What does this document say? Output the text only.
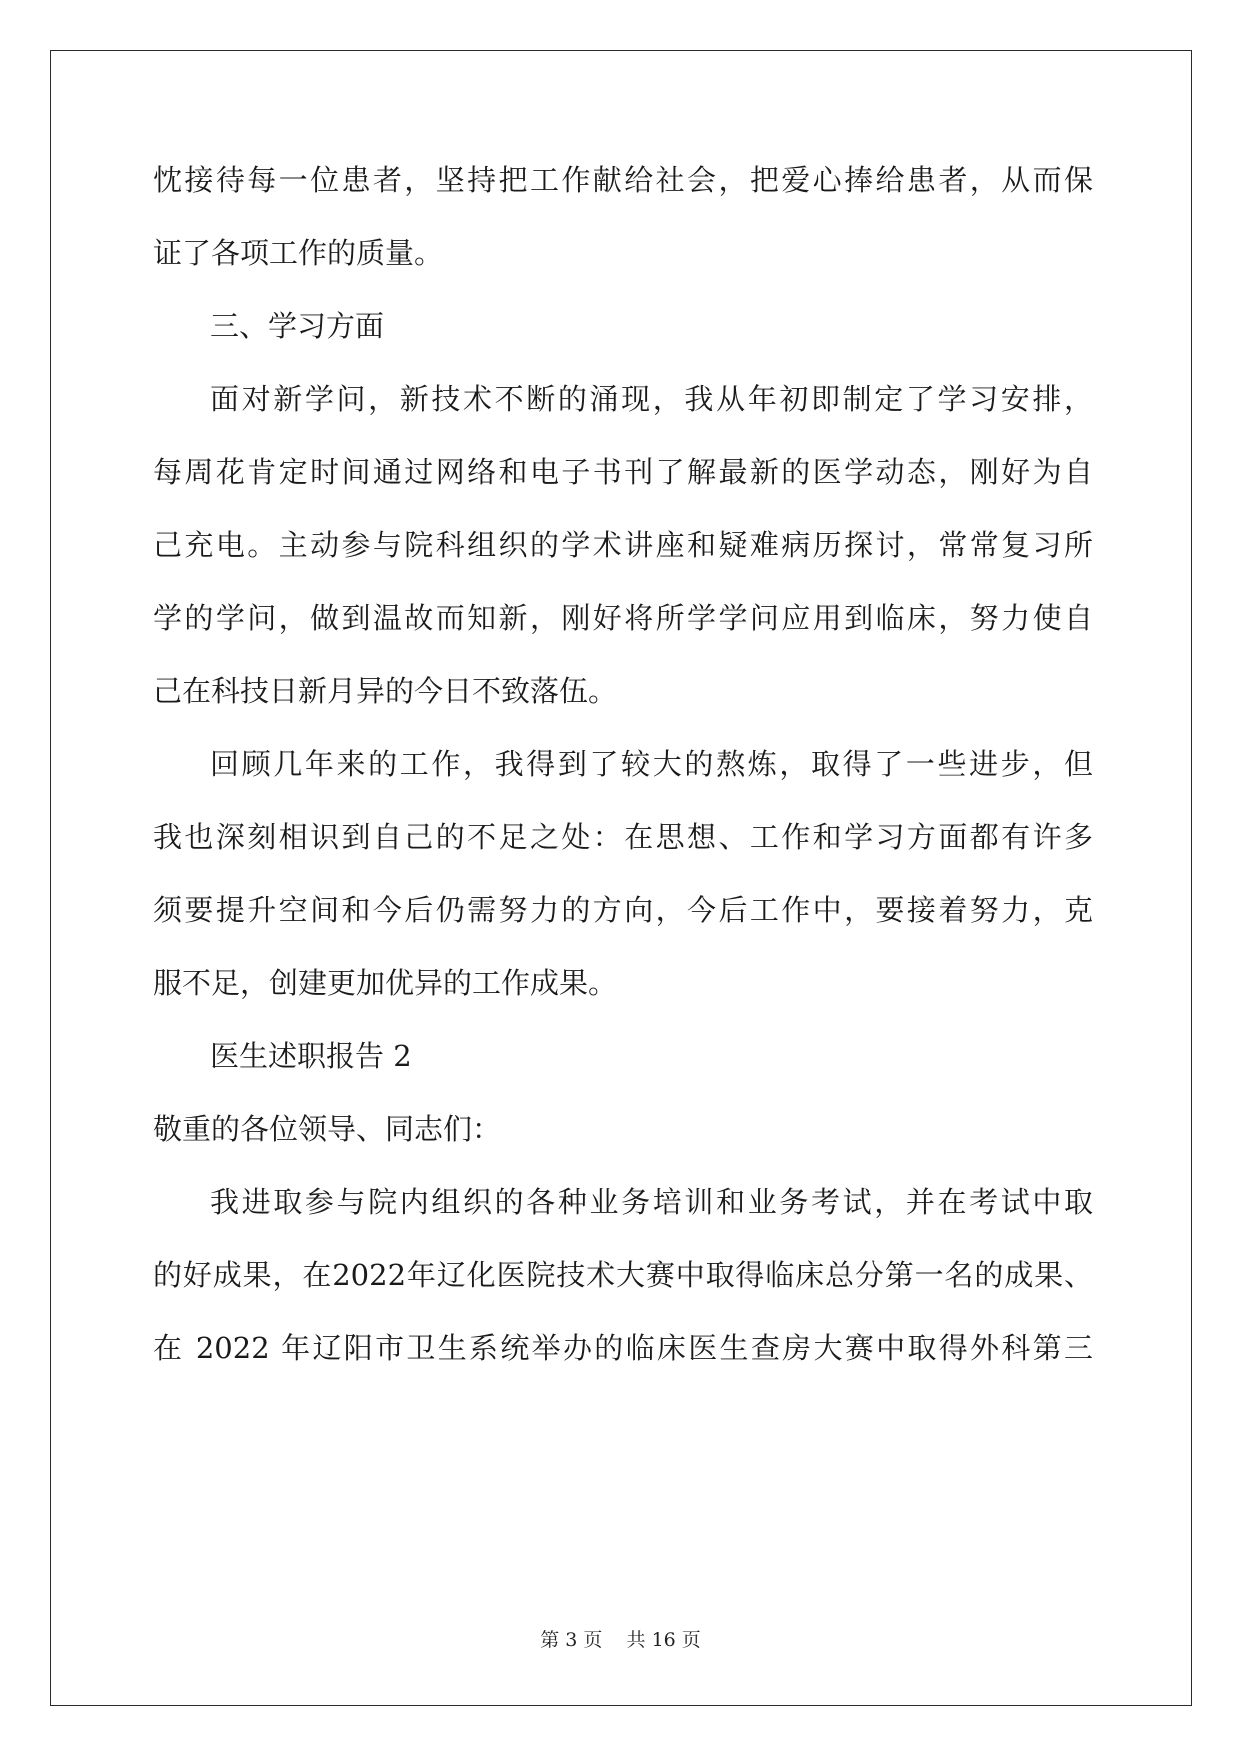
忱接待每一位患者，坚持把工作献给社会，把爱心捧给患者，从而保
证了各项工作的质量。
三、学习方面
面对新学问，新技术不断的涌现，我从年初即制定了学习安排，
每周花肯定时间通过网络和电子书刊了解最新的医学动态，刚好为自
己充电。主动参与院科组织的学术讲座和疑难病历探讨，常常复习所
学的学问，做到温故而知新，刚好将所学学问应用到临床，努力使自
己在科技日新月异的今日不致落伍。
回顾几年来的工作，我得到了较大的熬炼，取得了一些进步，但
我也深刻相识到自己的不足之处：在思想、工作和学习方面都有许多
须要提升空间和今后仍需努力的方向，今后工作中，要接着努力，克
服不足，创建更加优异的工作成果。
医生述职报告 2
敬重的各位领导、同志们：
我进取参与院内组织的各种业务培训和业务考试，并在考试中取
的好成果，在2022年辽化医院技术大赛中取得临床总分第一名的成果、
在 2022 年辽阳市卫生系统举办的临床医生查房大赛中取得外科第三
第 3 页    共 16 页
